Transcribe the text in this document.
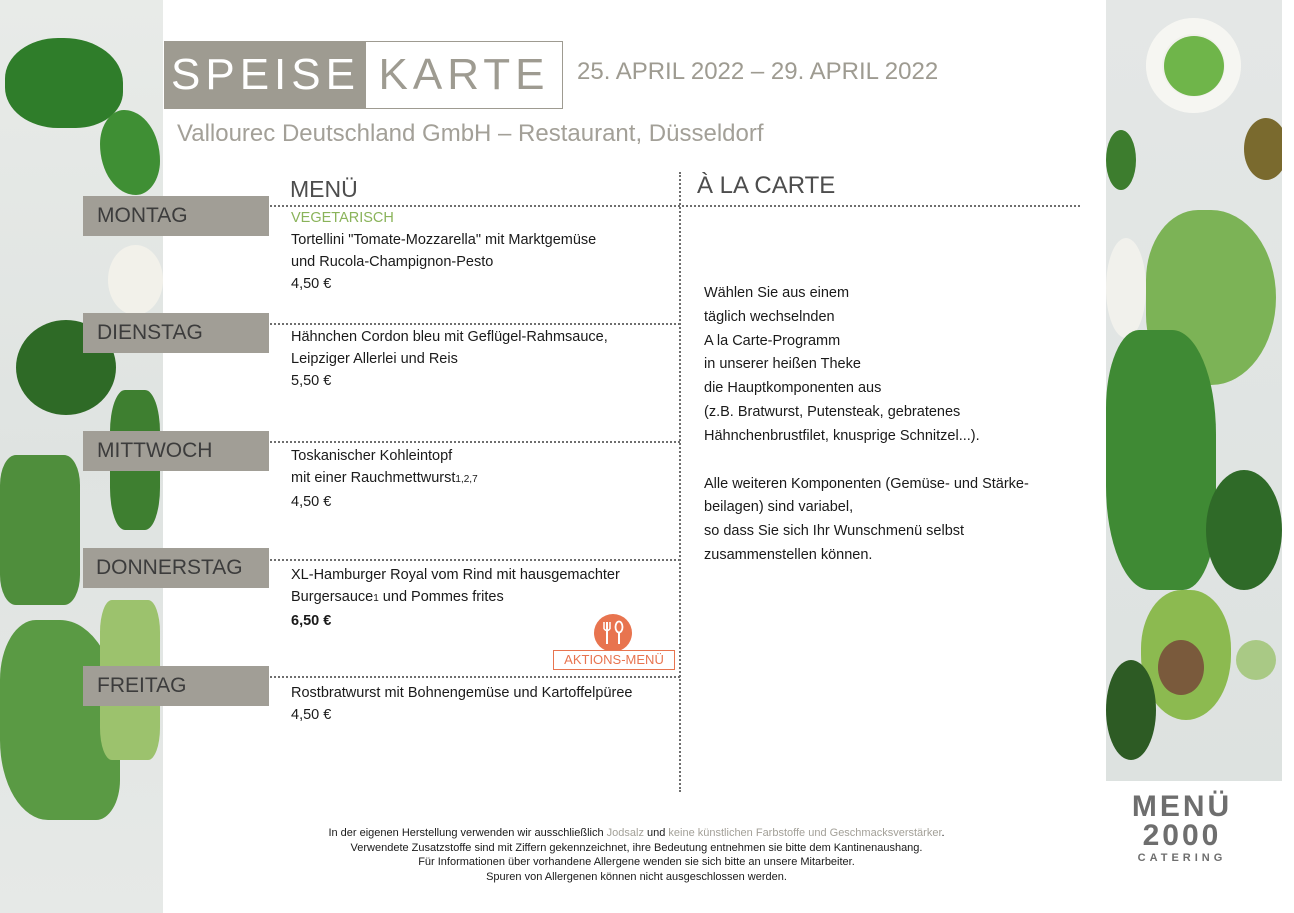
SPEISE KARTE	25. APRIL 2022 – 29. APRIL 2022
Vallourec Deutschland GmbH – Restaurant, Düsseldorf
MENÜ	À LA CARTE
MONTAG
DIENSTAG
MITTWOCH
DONNERSTAG
FREITAG
VEGETARISCH
Tortellini "Tomate-Mozzarella" mit Marktgemüse
und Rucola-Champignon-Pesto
4,50 €
Hähnchen Cordon bleu mit Geflügel-Rahmsauce,
Leipziger Allerlei und Reis
5,50 €
Toskanischer Kohleintopf
mit einer Rauchmettwurst1,2,7
4,50 €
XL-Hamburger Royal vom Rind mit hausgemachter
Burgersauce1 und Pommes frites
6,50 €
AKTIONS-MENÜ
Rostbratwurst mit Bohnengemüse und Kartoffelpüree
4,50 €

Wählen Sie aus einem

täglich wechselnden

A la Carte-Programm

in unserer heißen Theke

die Hauptkomponenten aus

(z.B. Bratwurst, Putensteak, gebratenes

Hähnchenbrustfilet, knusprige Schnitzel...).

Alle weiteren Komponenten (Gemüse- und Stärke-

beilagen) sind variabel,

so dass Sie sich Ihr Wunschmenü selbst

zusammenstellen können.

In der eigenen Herstellung verwenden wir ausschließlich Jodsalz und keine künstlichen Farbstoffe und Geschmacksverstärker.
Verwendete Zusatzstoffe sind mit Ziffern gekennzeichnet, ihre Bedeutung entnehmen sie bitte dem Kantinenaushang.
Für Informationen über vorhandene Allergene wenden sie sich bitte an unsere Mitarbeiter.
Spuren von Allergenen können nicht ausgeschlossen werden.
MENÜ
2000
CATERING
